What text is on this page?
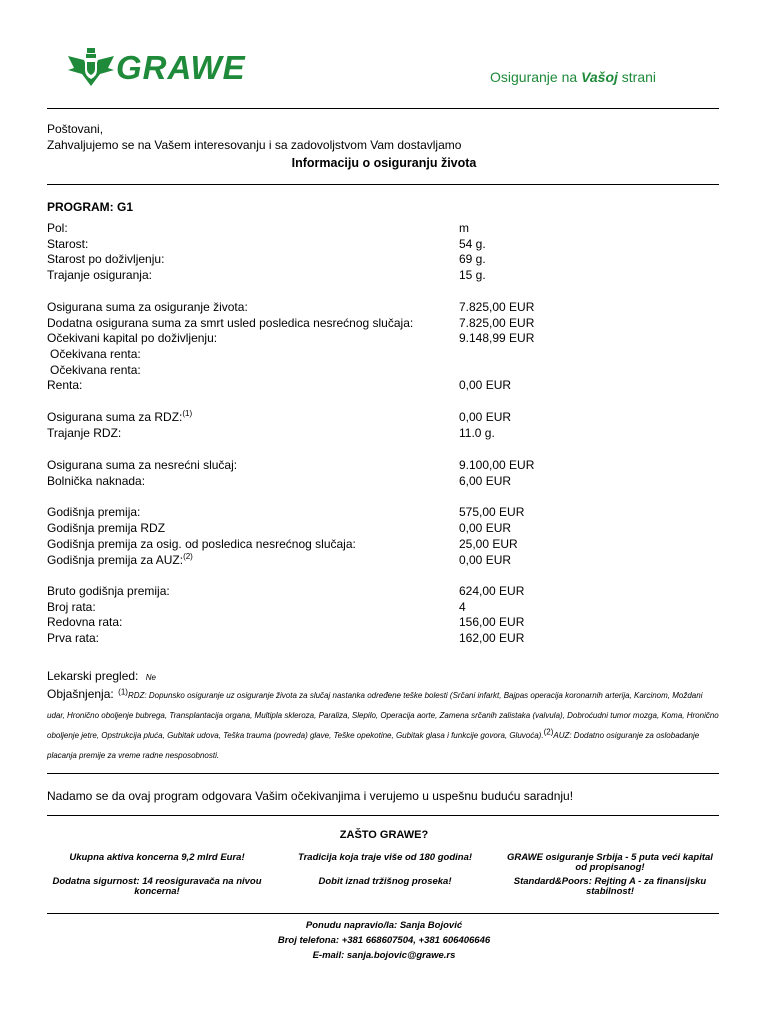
GRAWE	Osiguranje na Vašoj strani
Poštovani,
Zahvaljujemo se na Vašem interesovanju i sa zadovoljstvom Vam dostavljamo
Informaciju o osiguranju života
PROGRAM: G1
Pol:	m
Starost:	54 g.
Starost po doživljenju:	69 g.
Trajanje osiguranja:	15 g.
Osigurana suma za osiguranje života:	7.825,00 EUR
Dodatna osigurana suma za smrt usled posledica nesrećnog slučaja:	7.825,00 EUR
Očekivani kapital po doživljenju:	9.148,99 EUR
Očekivana renta:
Očekivana renta:
Renta:	0,00 EUR
Osigurana suma za RDZ:$^{(1)}$	0,00 EUR
Trajanje RDZ:	11.0 g.
Osigurana suma za nesrećni slučaj:	9.100,00 EUR
Bolnička naknada:	6,00 EUR
Godišnja premija:	575,00 EUR
Godišnja premija RDZ	0,00 EUR
Godišnja premija za osig. od posledica nesrećnog slučaja:	25,00 EUR
Godišnja premija za AUZ:$^{(2)}$	0,00 EUR
Bruto godišnja premija:	624,00 EUR
Broj rata:	4
Redovna rata:	156,00 EUR
Prva rata:	162,00 EUR
Lekarski pregled: Ne
Objašnjenja: $^{(1)}$RDZ: Dopunsko osiguranje uz osiguranje života za slučaj nastanka određene teške bolesti (Srčani infarkt, Bajpas operacija koronarnih arterija, Karcinom, Moždani udar, Hronično obolјenje bubrega, Transplantacija organa, Multipla skleroza, Paraliza, Slepilo, Operacija aorte, Zamena srčanih zalistaka (valvula), Dobroćudni tumor mozga, Koma, Hronično oboljenje jetre, Opstrukcija pluća, Gubitak udova, Teška trauma (povreda) glave, Teške opekotine, Gubitak glasa i funkcije govora, Gluvoća).$^{(2)}$AUZ: Dodatno osiguranje za oslobadanje placanja premije za vreme radne nesposobnosti.
Nadamo se da ovaj program odgovara Vašim očekivanjima i verujemo u uspešnu buduću saradnju!
ZAŠTO GRAWE?
Ukupna aktiva koncerna 9,2 mlrd Eura!	Tradicija koja traje više od 180 godina!	GRAWE osiguranje Srbija - 5 puta veći kapital od propisanog!
Dodatna sigurnost: 14 reosiguravača na nivou koncerna!
Dobit iznad tržišnog proseka!	Standard&Poors: Rejting A - za finansijsku stabilnost!
Ponudu napravio/la: Sanja Bojović
Broj telefona: +381 668607504, +381 606406646
E-mail: sanja.bojovic@grawe.rs
